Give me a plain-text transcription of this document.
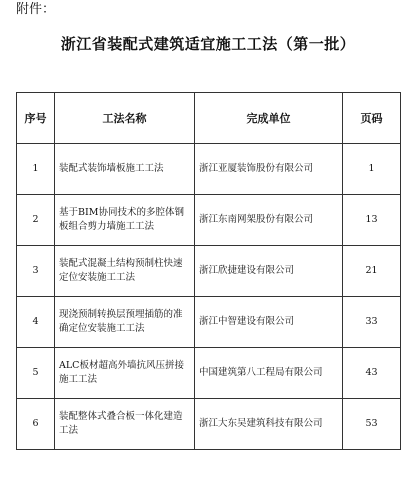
附件：
浙江省装配式建筑适宜施工工法（第一批）
序号	工法名称	完成单位	页码
1	装配式装饰墙板施工工法	浙江亚厦装饰股份有限公司	1
2	基于BIM协同技术的多腔体钢板组合剪力墙施工工法	浙江东南网架股份有限公司	13
3	装配式混凝土结构预制柱快速定位安装施工工法	浙江欣捷建设有限公司	21
4	现浇预制转换层预埋插筋的准确定位安装施工工法	浙江中智建设有限公司	33
5	ALC板材超高外墙抗风压拼接施工工法	中国建筑第八工程局有限公司	43
6	装配整体式叠合板一体化建造工法	浙江大东吴建筑科技有限公司	53
